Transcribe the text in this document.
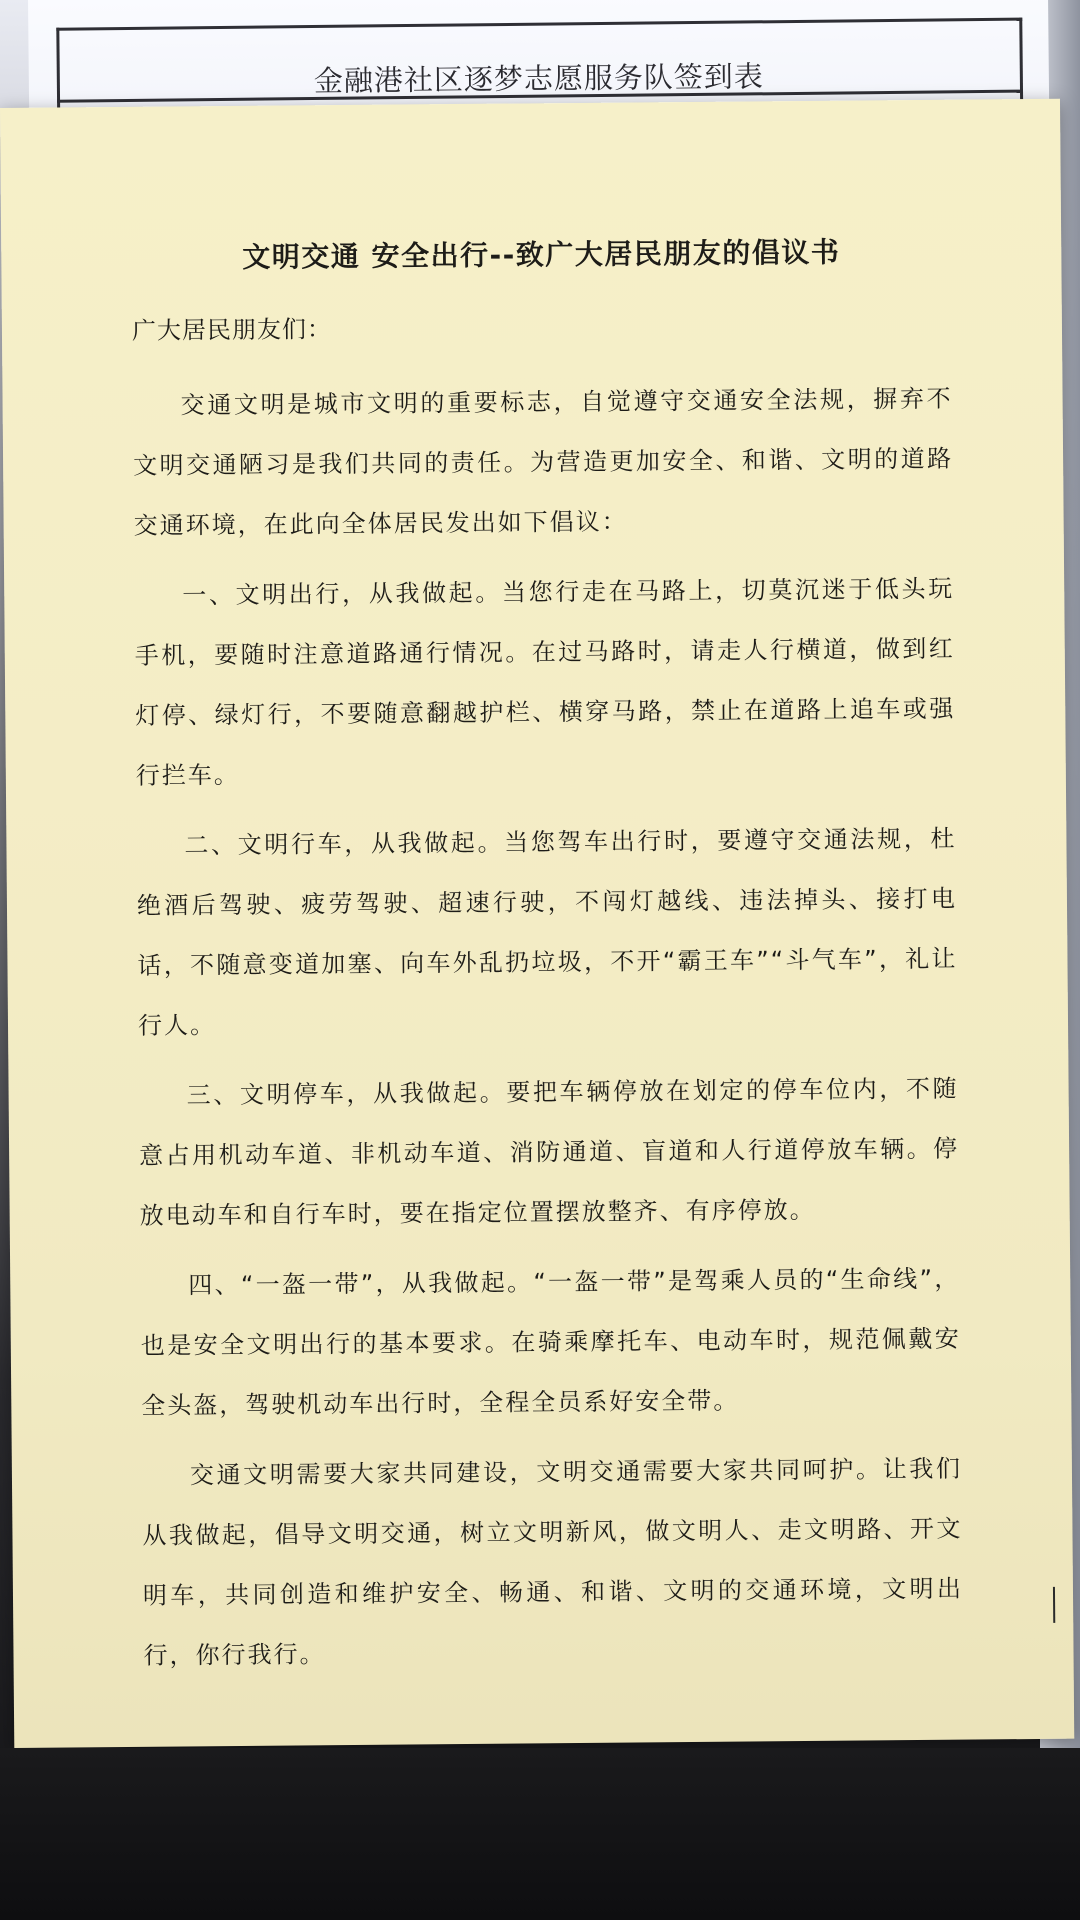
金融港社区逐梦志愿服务队签到表
文明交通 安全出行--致广大居民朋友的倡议书
广大居民朋友们：

交通文明是城市文明的重要标志，自觉遵守交通安全法规，摒弃不文明交通陋习是我们共同的责任。为营造更加安全、和谐、文明的道路交通环境，在此向全体居民发出如下倡议：

一、文明出行，从我做起。当您行走在马路上，切莫沉迷于低头玩手机，要随时注意道路通行情况。在过马路时，请走人行横道，做到红灯停、绿灯行，不要随意翻越护栏、横穿马路，禁止在道路上追车或强行拦车。

二、文明行车，从我做起。当您驾车出行时，要遵守交通法规，杜绝酒后驾驶、疲劳驾驶、超速行驶，不闯灯越线、违法掉头、接打电话，不随意变道加塞、向车外乱扔垃圾，不开“霸王车”“斗气车”，礼让行人。

三、文明停车，从我做起。要把车辆停放在划定的停车位内，不随意占用机动车道、非机动车道、消防通道、盲道和人行道停放车辆。停放电动车和自行车时，要在指定位置摆放整齐、有序停放。

四、“一盔一带”，从我做起。“一盔一带”是驾乘人员的“生命线”，也是安全文明出行的基本要求。在骑乘摩托车、电动车时，规范佩戴安全头盔，驾驶机动车出行时，全程全员系好安全带。

交通文明需要大家共同建设，文明交通需要大家共同呵护。让我们从我做起，倡导文明交通，树立文明新风，做文明人、走文明路、开文明车，共同创造和维护安全、畅通、和谐、文明的交通环境，文明出行，你行我行。
